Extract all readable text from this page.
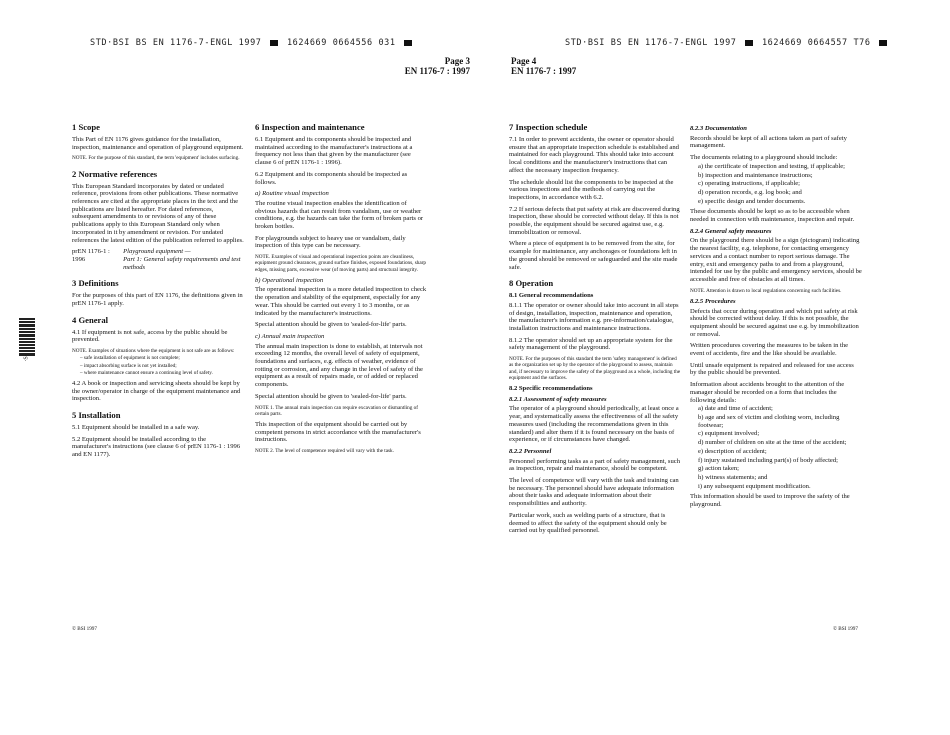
·S·
STD·BSI BS EN 1176-7-ENGL 1997	1624669 0664556 031
Page 3
EN 1176-7 : 1997
1 Scope
This Part of EN 1176 gives guidance for the installation, inspection, maintenance and operation of playground equipment.
NOTE. For the purpose of this standard, the term 'equipment' includes surfacing.
2 Normative references
This European Standard incorporates by dated or undated reference, provisions from other publications. These normative references are cited at the appropriate places in the text and the publications are listed hereafter. For dated references, subsequent amendments to or revisions of any of these publications apply to this European Standard only when incorporated in it by amendment or revision. For undated references the latest edition of the publication referred to applies.
prEN 1176-1 : 1996
Playground equipment —
Part 1: General safety requirements and test methods
3 Definitions
For the purposes of this part of EN 1176, the definitions given in prEN 1176-1 apply.
4 General
4.1 If equipment is not safe, access by the public should be prevented.
NOTE. Examples of situations where the equipment is not safe are as follows:
– safe installation of equipment is not complete;
– impact absorbing surface is not yet installed;
– where maintenance cannot ensure a continuing level of safety.
4.2 A book or inspection and servicing sheets should be kept by the owner/operator in charge of the equipment maintenance and inspection.
5 Installation
5.1 Equipment should be installed in a safe way.
5.2 Equipment should be installed according to the manufacturer's instructions (see clause 6 of prEN 1176-1 : 1996 and EN 1177).
6 Inspection and maintenance
6.1 Equipment and its components should be inspected and maintained according to the manufacturer's instructions at a frequency not less than that given by the manufacturer (see clause 6 of prEN 1176-1 : 1996).
6.2 Equipment and its components should be inspected as follows.
a) Routine visual inspection
The routine visual inspection enables the identification of obvious hazards that can result from vandalism, use or weather conditions, e.g. the hazards can take the form of broken parts or broken bottles.
For playgrounds subject to heavy use or vandalism, daily inspection of this type can be necessary.
NOTE. Examples of visual and operational inspection points are cleanliness, equipment ground clearances, ground surface finishes, exposed foundations, sharp edges, missing parts, excessive wear (of moving parts) and structural integrity.
b) Operational inspection
The operational inspection is a more detailed inspection to check the operation and stability of the equipment, especially for any wear. This should be carried out every 1 to 3 months, or as indicated by the manufacturer's instructions.
Special attention should be given to 'sealed-for-life' parts.
c) Annual main inspection
The annual main inspection is done to establish, at intervals not exceeding 12 months, the overall level of safety of equipment, foundations and surfaces, e.g. effects of weather, evidence of rotting or corrosion, and any change in the level of safety of the equipment as a result of repairs made, or of added or replaced components.
Special attention should be given to 'sealed-for-life' parts.
NOTE 1. The annual main inspection can require excavation or dismantling of certain parts.
This inspection of the equipment should be carried out by competent persons in strict accordance with the manufacturer's instructions.
NOTE 2. The level of competence required will vary with the task.
© BSI 1997
STD·BSI BS EN 1176-7-ENGL 1997	1624669 0664557 T76
Page 4
EN 1176-7 : 1997
7 Inspection schedule
7.1 In order to prevent accidents, the owner or operator should ensure that an appropriate inspection schedule is established and maintained for each playground. This should take into account local conditions and the manufacturer's instructions that can affect the necessary inspection frequency.
The schedule should list the components to be inspected at the various inspections and the methods of carrying out the inspections, in accordance with 6.2.
7.2 If serious defects that put safety at risk are discovered during inspection, these should be corrected without delay. If this is not possible, the equipment should be secured against use, e.g. immobilization or removal.
Where a piece of equipment is to be removed from the site, for example for maintenance, any anchorages or foundations left in the ground should be removed or safeguarded and the site made safe.
8 Operation
8.1 General recommendations
8.1.1 The operator or owner should take into account in all steps of design, installation, inspection, maintenance and operation, the manufacturer's information e.g. pre-information/catalogue, installation instructions and maintenance instructions.
8.1.2 The operator should set up an appropriate system for the safety management of the playground.
NOTE. For the purposes of this standard the term 'safety management' is defined as the organization set up by the operator of the playground to assess, maintain and, if necessary to improve the safety of the playground as a whole, including the equipment and the surfaces.
8.2 Specific recommendations
8.2.1 Assessment of safety measures
The operator of a playground should periodically, at least once a year, and systematically assess the effectiveness of all the safety measures used (including the recommendations given in this standard) and alter them if it is found necessary on the basis of experience, or if circumstances have changed.
8.2.2 Personnel
Personnel performing tasks as a part of safety management, such as inspection, repair and maintenance, should be competent.
The level of competence will vary with the task and training can be necessary. The personnel should have adequate information about their tasks and adequate information about their responsibilities and authority.
Particular work, such as welding parts of a structure, that is deemed to affect the safety of the equipment should only be carried out by qualified personnel.
8.2.3 Documentation
Records should be kept of all actions taken as part of safety management.
The documents relating to a playground should include:
a) the certificate of inspection and testing, if applicable;
b) inspection and maintenance instructions;
c) operating instructions, if applicable;
d) operation records, e.g. log book; and
e) specific design and tender documents.
These documents should be kept so as to be accessible when needed in connection with maintenance, inspection and repair.
8.2.4 General safety measures
On the playground there should be a sign (pictogram) indicating the nearest facility, e.g. telephone, for contacting emergency services and a contact number to report serious damage. The entry, exit and emergency paths to and from a playground, intended for use by the public and emergency services, should be accessible and free of obstacles at all times.
NOTE. Attention is drawn to local regulations concerning such facilities.
8.2.5 Procedures
Defects that occur during operation and which put safety at risk should be corrected without delay. If this is not possible, the equipment should be secured against use e.g. by immobilization or removal.
Written procedures covering the measures to be taken in the event of accidents, fire and the like should be available.
Until unsafe equipment is repaired and released for use access by the public should be prevented.
Information about accidents brought to the attention of the manager should be recorded on a form that includes the following details:
a) date and time of accident;
b) age and sex of victim and clothing worn, including footwear;
c) equipment involved;
d) number of children on site at the time of the accident;
e) description of accident;
f) injury sustained including part(s) of body affected;
g) action taken;
h) witness statements; and
i) any subsequent equipment modification.
This information should be used to improve the safety of the playground.
© BSI 1997
